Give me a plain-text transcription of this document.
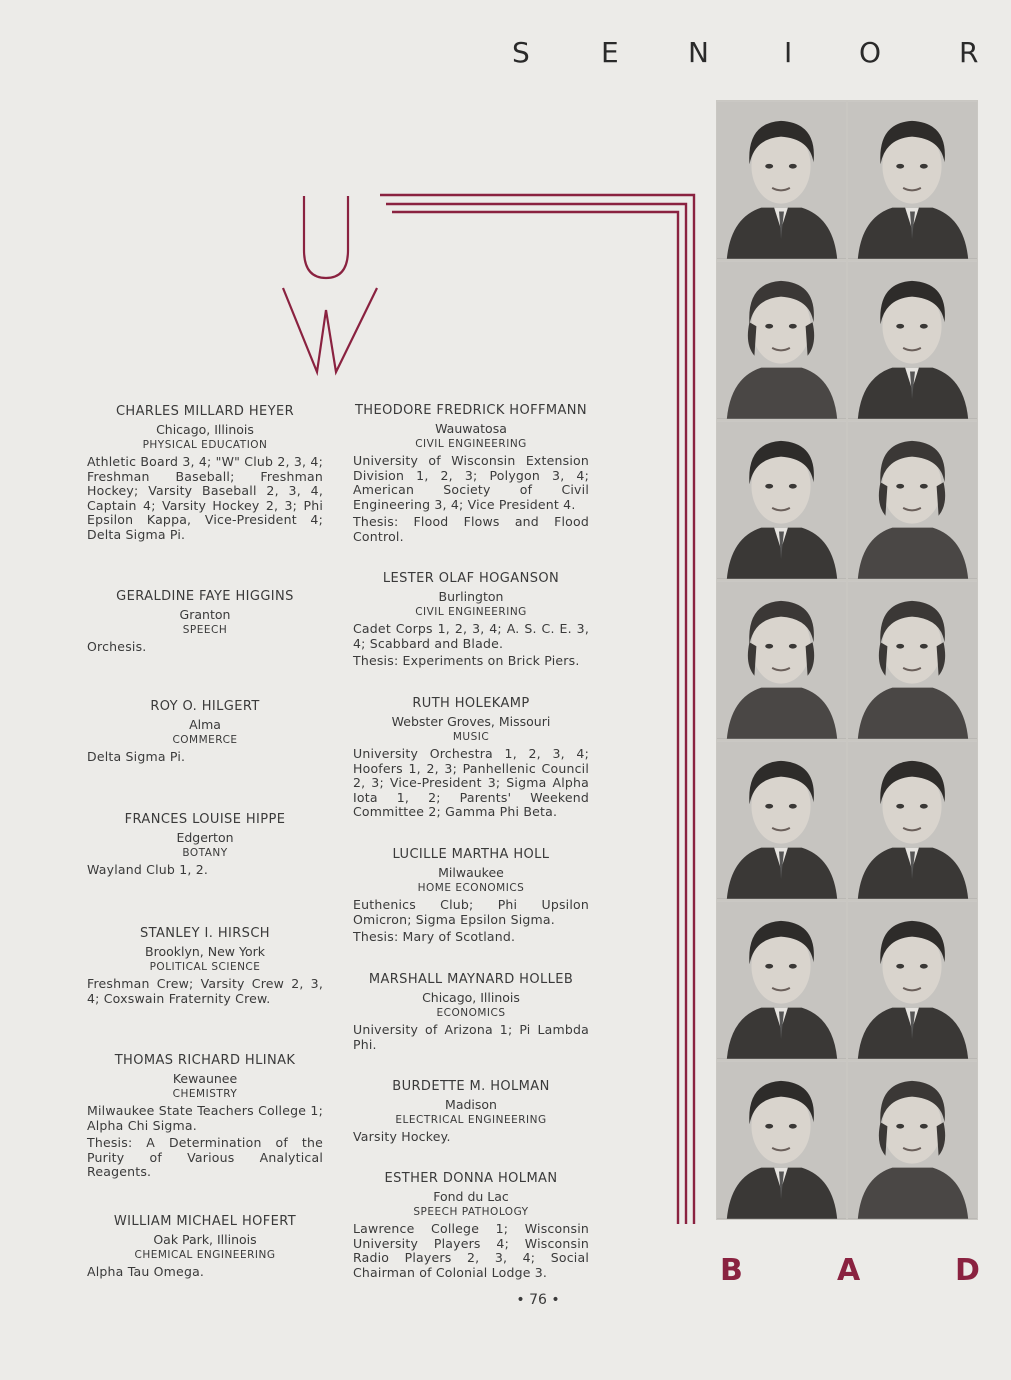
S	E N	I O	R
U
W
CHARLES MILLARD HEYER
Chicago, Illinois
PHYSICAL EDUCATION
Athletic Board 3, 4; "W" Club 2, 3, 4; Freshman Baseball; Freshman Hockey; Varsity Baseball 2, 3, 4, Captain 4; Varsity Hockey 2, 3; Phi Epsilon Kappa, Vice-President 4; Delta Sigma Pi.
GERALDINE FAYE HIGGINS
Granton
SPEECH
Orchesis.
ROY O. HILGERT
Alma
COMMERCE
Delta Sigma Pi.
FRANCES LOUISE HIPPE
Edgerton
BOTANY
Wayland Club 1, 2.
STANLEY I. HIRSCH
Brooklyn, New York
POLITICAL SCIENCE
Freshman Crew; Varsity Crew 2, 3, 4; Coxswain Fraternity Crew.
THOMAS RICHARD HLINAK
Kewaunee
CHEMISTRY
Milwaukee State Teachers College 1; Alpha Chi Sigma.
Thesis: A Determination of the Purity of Various Analytical Reagents.
WILLIAM MICHAEL HOFERT
Oak Park, Illinois
CHEMICAL ENGINEERING
Alpha Tau Omega.
THEODORE FREDRICK HOFFMANN
Wauwatosa
CIVIL ENGINEERING
University of Wisconsin Extension Division 1, 2, 3; Polygon 3, 4; American Society of Civil Engineering 3, 4; Vice President 4.
Thesis: Flood Flows and Flood Control.
LESTER OLAF HOGANSON
Burlington
CIVIL ENGINEERING
Cadet Corps 1, 2, 3, 4; A. S. C. E. 3, 4; Scabbard and Blade.
Thesis: Experiments on Brick Piers.
RUTH HOLEKAMP
Webster Groves, Missouri
MUSIC
University Orchestra 1, 2, 3, 4; Hoofers 1, 2, 3; Panhellenic Council 2, 3; Vice-President 3; Sigma Alpha Iota 1, 2; Parents' Weekend Committee 2; Gamma Phi Beta.
LUCILLE MARTHA HOLL
Milwaukee
HOME ECONOMICS
Euthenics Club; Phi Upsilon Omicron; Sigma Epsilon Sigma.
Thesis: Mary of Scotland.
MARSHALL MAYNARD HOLLEB
Chicago, Illinois
ECONOMICS
University of Arizona 1; Pi Lambda Phi.
BURDETTE M. HOLMAN
Madison
ELECTRICAL ENGINEERING
Varsity Hockey.
ESTHER DONNA HOLMAN
Fond du Lac
SPEECH PATHOLOGY
Lawrence College 1; Wisconsin University Players 4; Wisconsin Radio Players 2, 3, 4; Social Chairman of Colonial Lodge 3.	B	A	D
• 76 •
